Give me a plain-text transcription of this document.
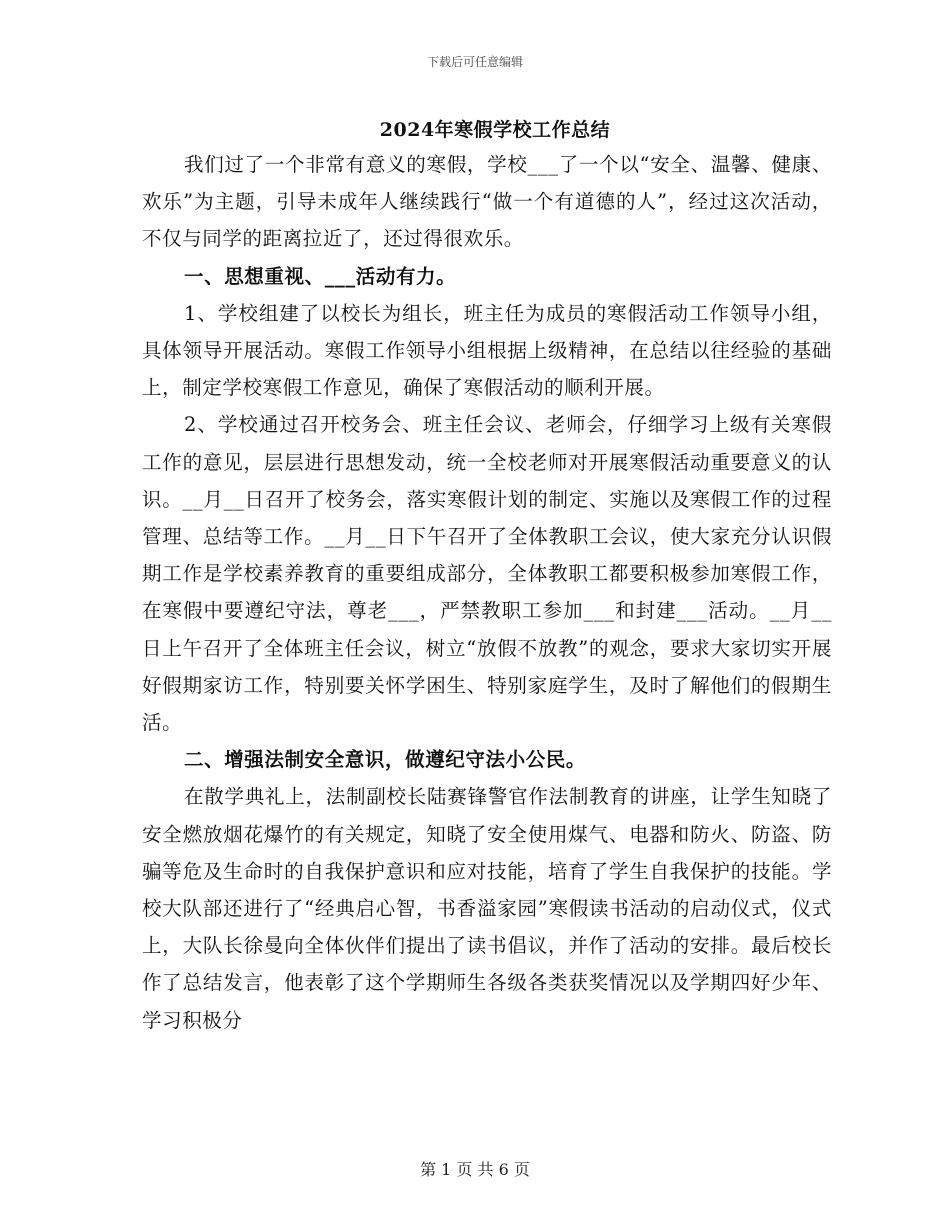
下载后可任意编辑
2024年寒假学校工作总结

我们过了一个非常有意义的寒假，学校___了一个以“安全、温馨、健康、欢乐”为主题，引导未成年人继续践行“做一个有道德的人”，经过这次活动，不仅与同学的距离拉近了，还过得很欢乐。

一、思想重视、___活动有力。

1、学校组建了以校长为组长，班主任为成员的寒假活动工作领导小组，具体领导开展活动。寒假工作领导小组根据上级精神，在总结以往经验的基础上，制定学校寒假工作意见，确保了寒假活动的顺利开展。

2、学校通过召开校务会、班主任会议、老师会，仔细学习上级有关寒假工作的意见，层层进行思想发动，统一全校老师对开展寒假活动重要意义的认识。__月__日召开了校务会，落实寒假计划的制定、实施以及寒假工作的过程管理、总结等工作。__月__日下午召开了全体教职工会议，使大家充分认识假期工作是学校素养教育的重要组成部分，全体教职工都要积极参加寒假工作，在寒假中要遵纪守法，尊老___，严禁教职工参加___和封建___活动。__月__日上午召开了全体班主任会议，树立“放假不放教”的观念，要求大家切实开展好假期家访工作，特别要关怀学困生、特别家庭学生，及时了解他们的假期生活。

二、增强法制安全意识，做遵纪守法小公民。

在散学典礼上，法制副校长陆赛锋警官作法制教育的讲座，让学生知晓了安全燃放烟花爆竹的有关规定，知晓了安全使用煤气、电器和防火、防盗、防骗等危及生命时的自我保护意识和应对技能，培育了学生自我保护的技能。学校大队部还进行了“经典启心智，书香溢家园”寒假读书活动的启动仪式，仪式上，大队长徐曼向全体伙伴们提出了读书倡议，并作了活动的安排。最后校长作了总结发言，他表彰了这个学期师生各级各类获奖情况以及学期四好少年、学习积极分

第 1 页 共 6 页
